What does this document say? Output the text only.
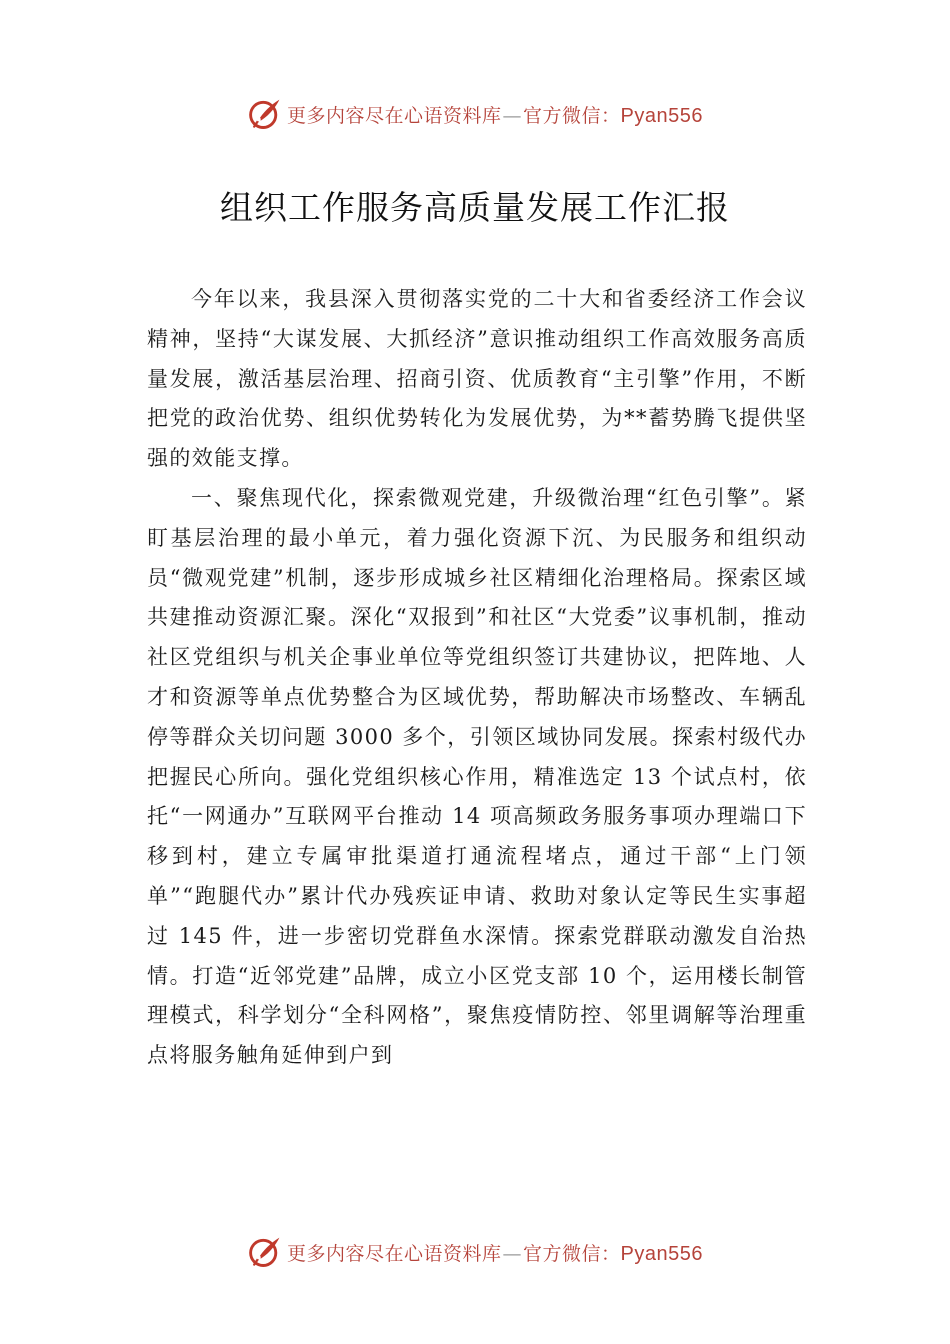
更多内容尽在心语资料库—官方微信：Pyan556
组织工作服务高质量发展工作汇报

今年以来，我县深入贯彻落实党的二十大和省委经济工作会议精神，坚持“大谋发展、大抓经济”意识推动组织工作高效服务高质量发展，激活基层治理、招商引资、优质教育“主引擎”作用，不断把党的政治优势、组织优势转化为发展优势，为**蓄势腾飞提供坚强的效能支撑。

一、聚焦现代化，探索微观党建，升级微治理“红色引擎”。紧盯基层治理的最小单元，着力强化资源下沉、为民服务和组织动员“微观党建”机制，逐步形成城乡社区精细化治理格局。探索区域共建推动资源汇聚。深化“双报到”和社区“大党委”议事机制，推动社区党组织与机关企事业单位等党组织签订共建协议，把阵地、人才和资源等单点优势整合为区域优势，帮助解决市场整改、车辆乱停等群众关切问题 3000 多个，引领区域协同发展。探索村级代办把握民心所向。强化党组织核心作用，精准选定 13 个试点村，依托“一网通办”互联网平台推动 14 项高频政务服务事项办理端口下移到村，建立专属审批渠道打通流程堵点，通过干部“上门领单”“跑腿代办”累计代办残疾证申请、救助对象认定等民生实事超过 145 件，进一步密切党群鱼水深情。探索党群联动激发自治热情。打造“近邻党建”品牌，成立小区党支部 10 个，运用楼长制管理模式，科学划分“全科网格”，聚焦疫情防控、邻里调解等治理重点将服务触角延伸到户到

更多内容尽在心语资料库—官方微信：Pyan556
